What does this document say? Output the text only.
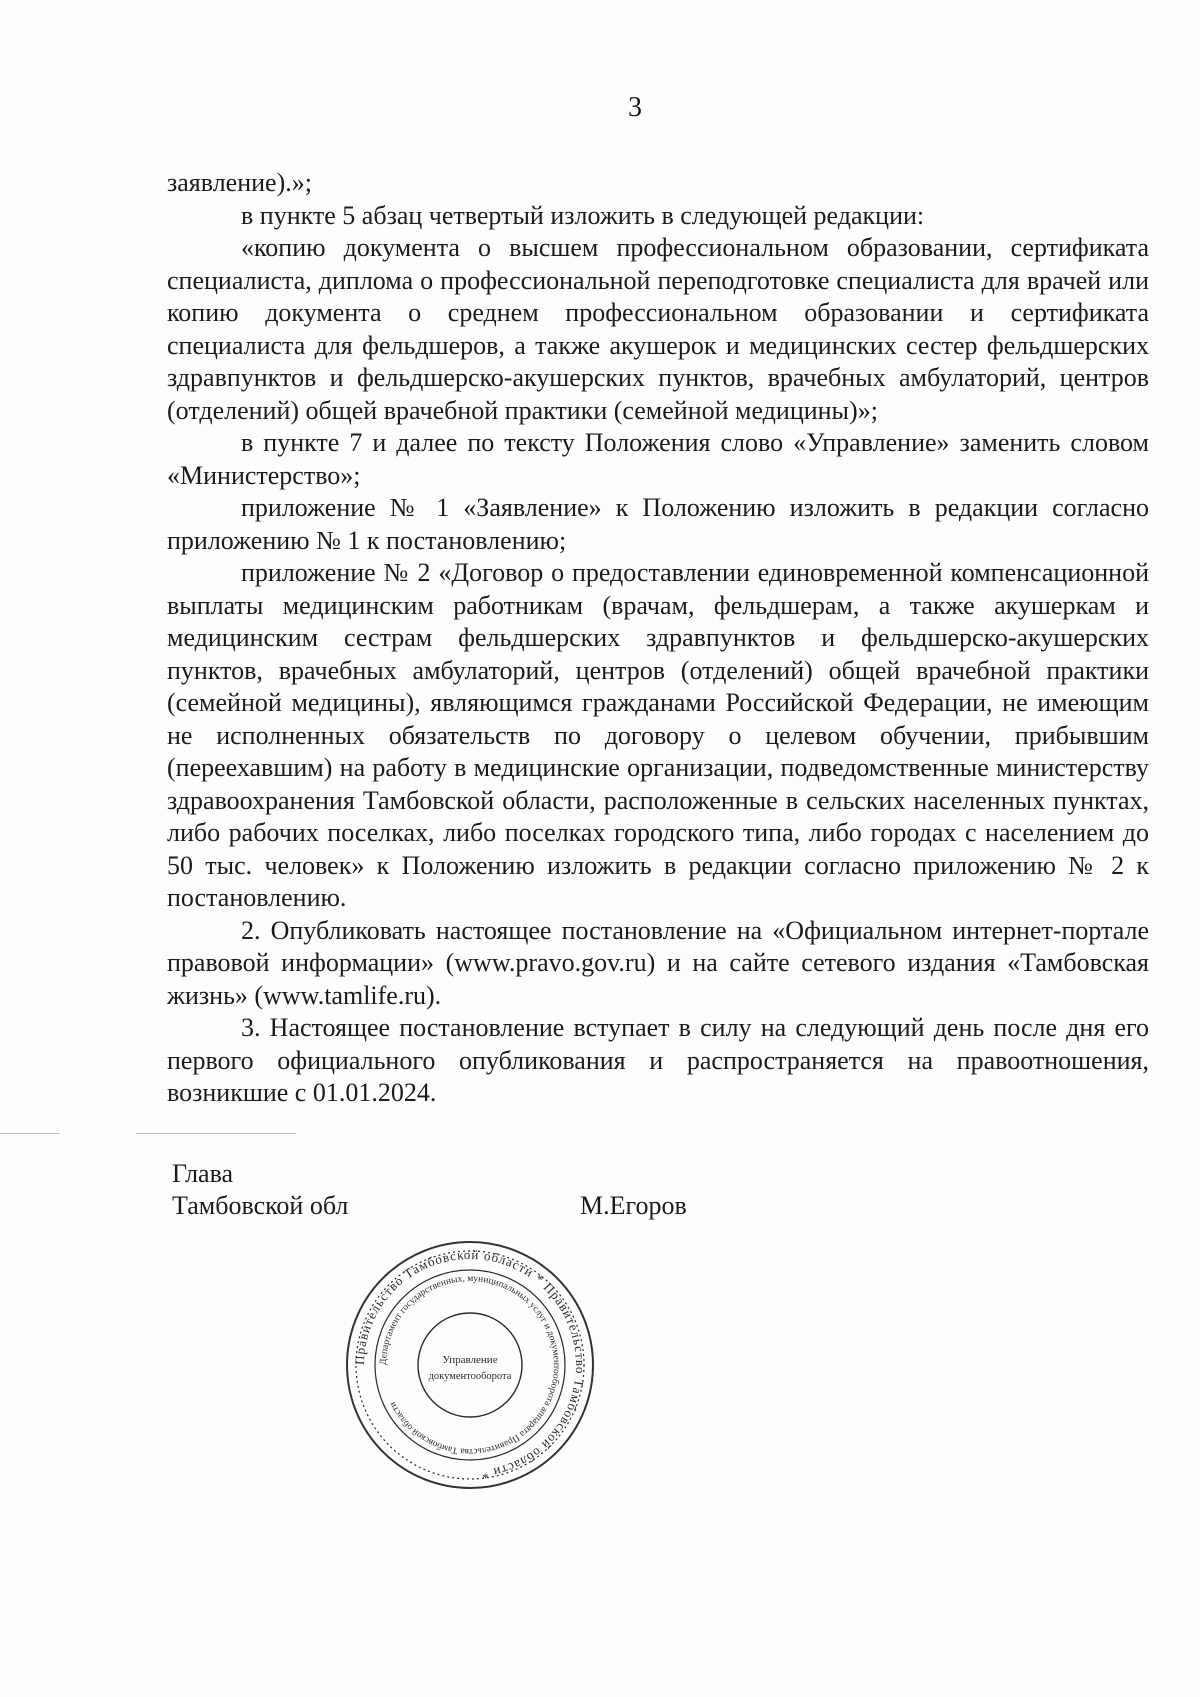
3

заявление).»;

в пункте 5 абзац четвертый изложить в следующей редакции:

«копию документа о высшем профессиональном образовании, сертификата специалиста, диплома о профессиональной переподготовке специалиста для врачей или копию документа о среднем профессиональном образовании и сертификата специалиста для фельдшеров, а также акушерок и медицинских сестер фельдшерских здравпунктов и фельдшерско-акушерских пунктов, врачебных амбулаторий, центров (отделений) общей врачебной практики (семейной медицины)»;

в пункте 7 и далее по тексту Положения слово «Управление» заменить словом «Министерство»;

приложение № 1 «Заявление» к Положению изложить в редакции согласно приложению № 1 к постановлению;

приложение № 2 «Договор о предоставлении единовременной компенсационной выплаты медицинским работникам (врачам, фельдшерам, а также акушеркам и медицинским сестрам фельдшерских здравпунктов и фельдшерско-акушерских пунктов, врачебных амбулаторий, центров (отделений) общей врачебной практики (семейной медицины), являющимся гражданами Российской Федерации, не имеющим не исполненных обязательств по договору о целевом обучении, прибывшим (переехавшим) на работу в медицинские организации, подведомственные министерству здравоохранения Тамбовской области, расположенные в сельских населенных пунктах, либо рабочих поселках, либо поселках городского типа, либо городах с населением до 50 тыс. человек» к Положению изложить в редакции согласно приложению № 2 к постановлению.

2. Опубликовать настоящее постановление на «Официальном интернет-портале правовой информации» (www.pravo.gov.ru) и на сайте сетевого издания «Тамбовская жизнь» (www.tamlife.ru).

3. Настоящее постановление вступает в силу на следующий день после дня его первого официального опубликования и распространяется на правоотношения, возникшие с 01.01.2024.

Глава
Тамбовской обл	М.Егоров
Правительство Тамбовской области * Правительство Тамбовской области *
Департамент государственных, муниципальных услуг и документооборота аппарата Правительства Тамбовской области
Управление
документооборота
